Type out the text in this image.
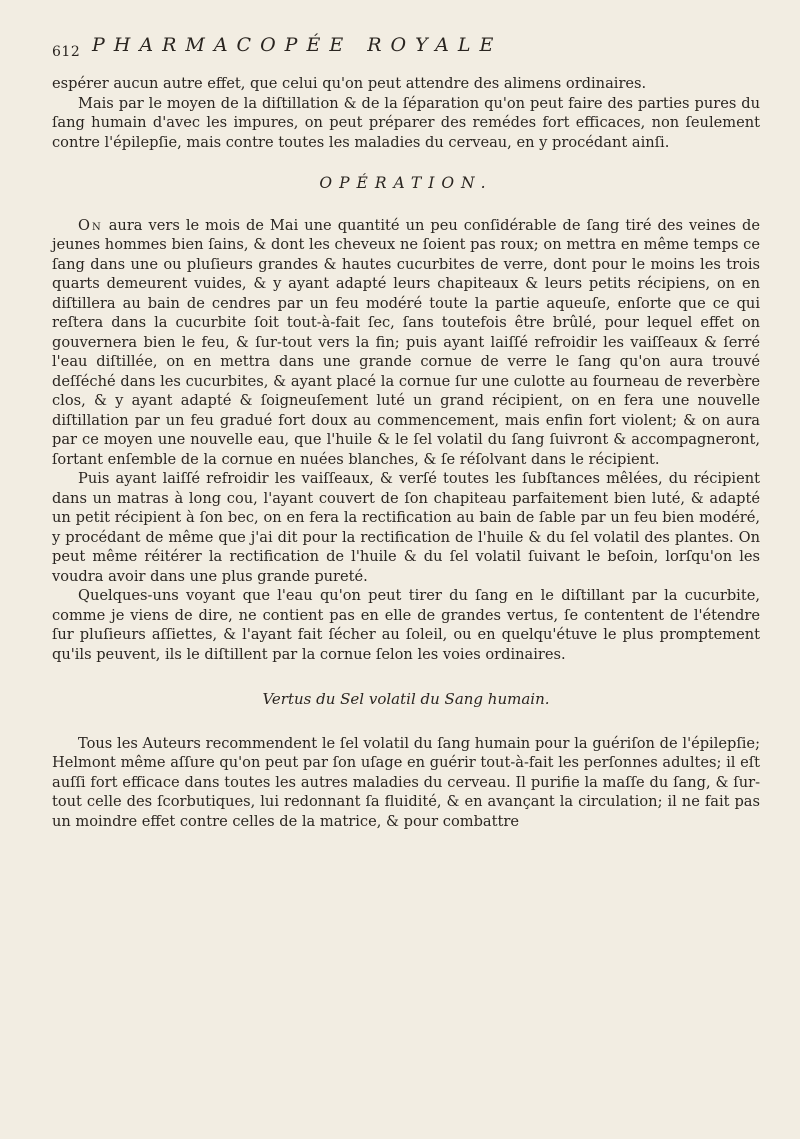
612 PHARMACOPÉE ROYALE

espérer aucun autre effet, que celui qu'on peut attendre des alimens ordinaires.

Mais par le moyen de la diſtillation & de la ſéparation qu'on peut faire des parties pures du ſang humain d'avec les impures, on peut préparer des remédes fort efficaces, non ſeulement contre l'épilepſie, mais contre toutes les maladies du cerveau, en y procédant ainſi.

OPÉRATION.

On aura vers le mois de Mai une quantité un peu conſidérable de ſang tiré des veines de jeunes hommes bien ſains, & dont les cheveux ne ſoient pas roux; on mettra en même temps ce ſang dans une ou pluſieurs grandes & hautes cucurbites de verre, dont pour le moins les trois quarts demeurent vuides, & y ayant adapté leurs chapiteaux & leurs petits récipiens, on en diſtillera au bain de cendres par un feu modéré toute la partie aqueuſe, enſorte que ce qui reſtera dans la cucurbite ſoit tout-à-fait ſec, ſans toutefois être brûlé, pour lequel effet on gouvernera bien le feu, & ſur-tout vers la fin; puis ayant laiſſé refroidir les vaiſſeaux & ſerré l'eau diſtillée, on en mettra dans une grande cornue de verre le ſang qu'on aura trouvé deſſéché dans les cucurbites, & ayant placé la cornue ſur une culotte au fourneau de reverbère clos, & y ayant adapté & ſoigneuſement luté un grand récipient, on en fera une nouvelle diſtillation par un feu gradué fort doux au commencement, mais enfin fort violent; & on aura par ce moyen une nouvelle eau, que l'huile & le ſel volatil du ſang ſuivront & accompagneront, ſortant enſemble de la cornue en nuées blanches, & ſe réſolvant dans le récipient.

Puis ayant laiſſé refroidir les vaiſſeaux, & verſé toutes les ſubſtances mêlées, du récipient dans un matras à long cou, l'ayant couvert de ſon chapiteau parfaitement bien luté, & adapté un petit récipient à ſon bec, on en fera la rectification au bain de ſable par un feu bien modéré, y procédant de même que j'ai dit pour la rectification de l'huile & du ſel volatil des plantes. On peut même réitérer la rectification de l'huile & du ſel volatil ſuivant le beſoin, lorſqu'on les voudra avoir dans une plus grande pureté.

Quelques-uns voyant que l'eau qu'on peut tirer du ſang en le diſtillant par la cucurbite, comme je viens de dire, ne contient pas en elle de grandes vertus, ſe contentent de l'étendre ſur pluſieurs aſſiettes, & l'ayant fait ſécher au ſoleil, ou en quelqu'étuve le plus promptement qu'ils peuvent, ils le diſtillent par la cornue ſelon les voies ordinaires.

Vertus du Sel volatil du Sang humain.

Tous les Auteurs recommendent le ſel volatil du ſang humain pour la guériſon de l'épilepſie; Helmont même aſſure qu'on peut par ſon uſage en guérir tout-à-fait les perſonnes adultes; il eſt auſſi fort efficace dans toutes les autres maladies du cerveau. Il purifie la maſſe du ſang, & ſur-tout celle des ſcorbutiques, lui redonnant ſa fluidité, & en avançant la circulation; il ne fait pas un moindre effet contre celles de la matrice, & pour combattre
